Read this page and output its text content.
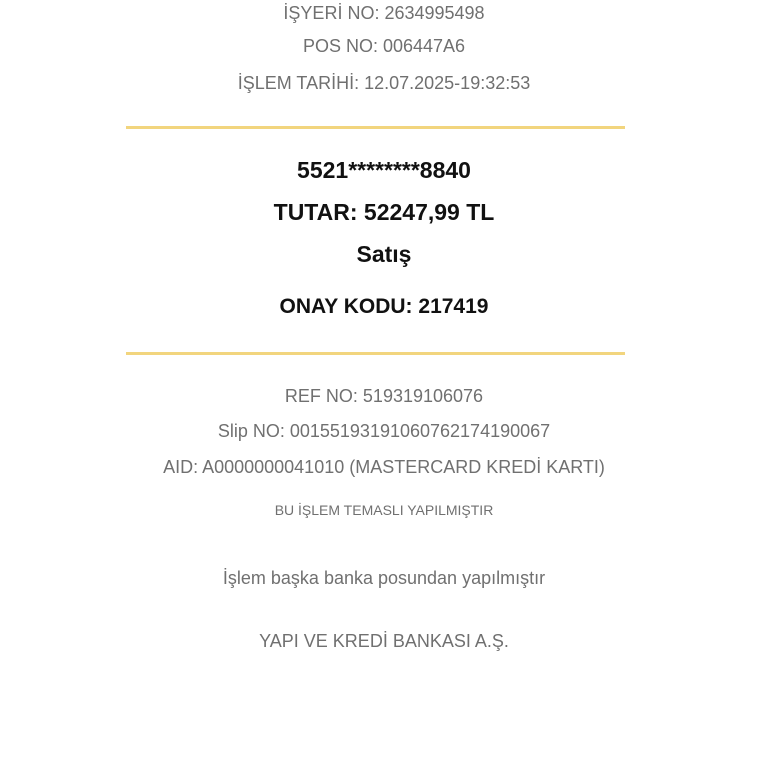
İŞYERİ NO: 2634995498
POS NO: 006447A6
İŞLEM TARİHİ: 12.07.2025-19:32:53
5521********8840
TUTAR: 52247,99 TL
Satış
ONAY KODU: 217419
REF NO: 519319106076
Slip NO: 00155193191060762174190067
AID: A0000000041010 (MASTERCARD KREDİ KARTI)
BU İŞLEM TEMASLI YAPILMIŞTIR
İşlem başka banka posundan yapılmıştır
YAPI VE KREDİ BANKASI A.Ş.
